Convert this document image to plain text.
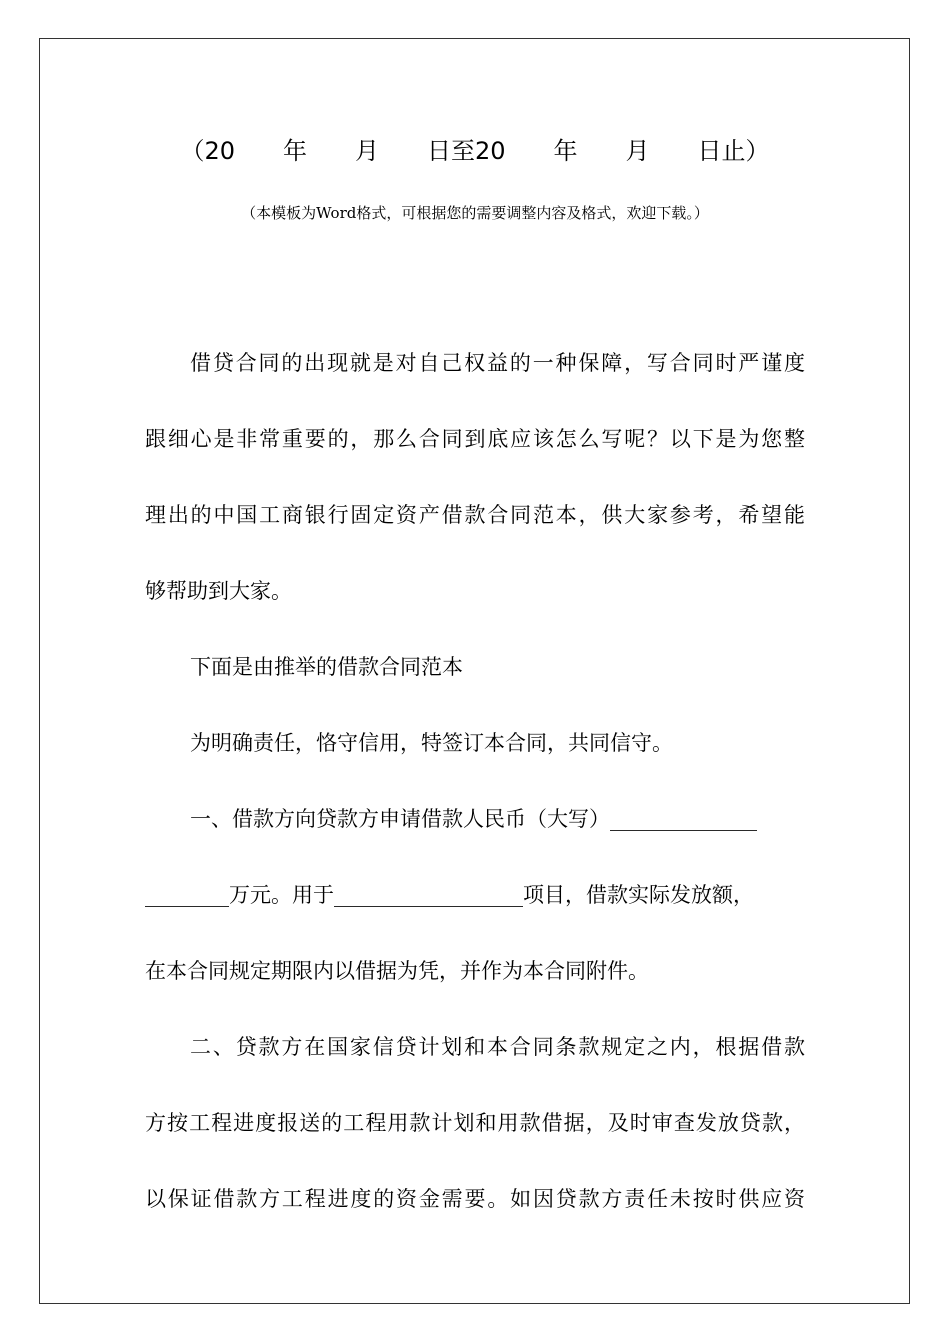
（20　　年　　月　　日至20　　年　　月　　日止）
（本模板为Word格式，可根据您的需要调整内容及格式，欢迎下载。）
借贷合同的出现就是对自己权益的一种保障，写合同时严谨度
跟细心是非常重要的，那么合同到底应该怎么写呢？以下是为您整
理出的中国工商银行固定资产借款合同范本，供大家参考，希望能
够帮助到大家。
下面是由推举的借款合同范本
为明确责任，恪守信用，特签订本合同，共同信守。
一、借款方向贷款方申请借款人民币（大写）______________
________万元。用于__________________项目，借款实际发放额，
在本合同规定期限内以借据为凭，并作为本合同附件。
二、贷款方在国家信贷计划和本合同条款规定之内，根据借款
方按工程进度报送的工程用款计划和用款借据，及时审查发放贷款，
以保证借款方工程进度的资金需要。如因贷款方责任未按时供应资
